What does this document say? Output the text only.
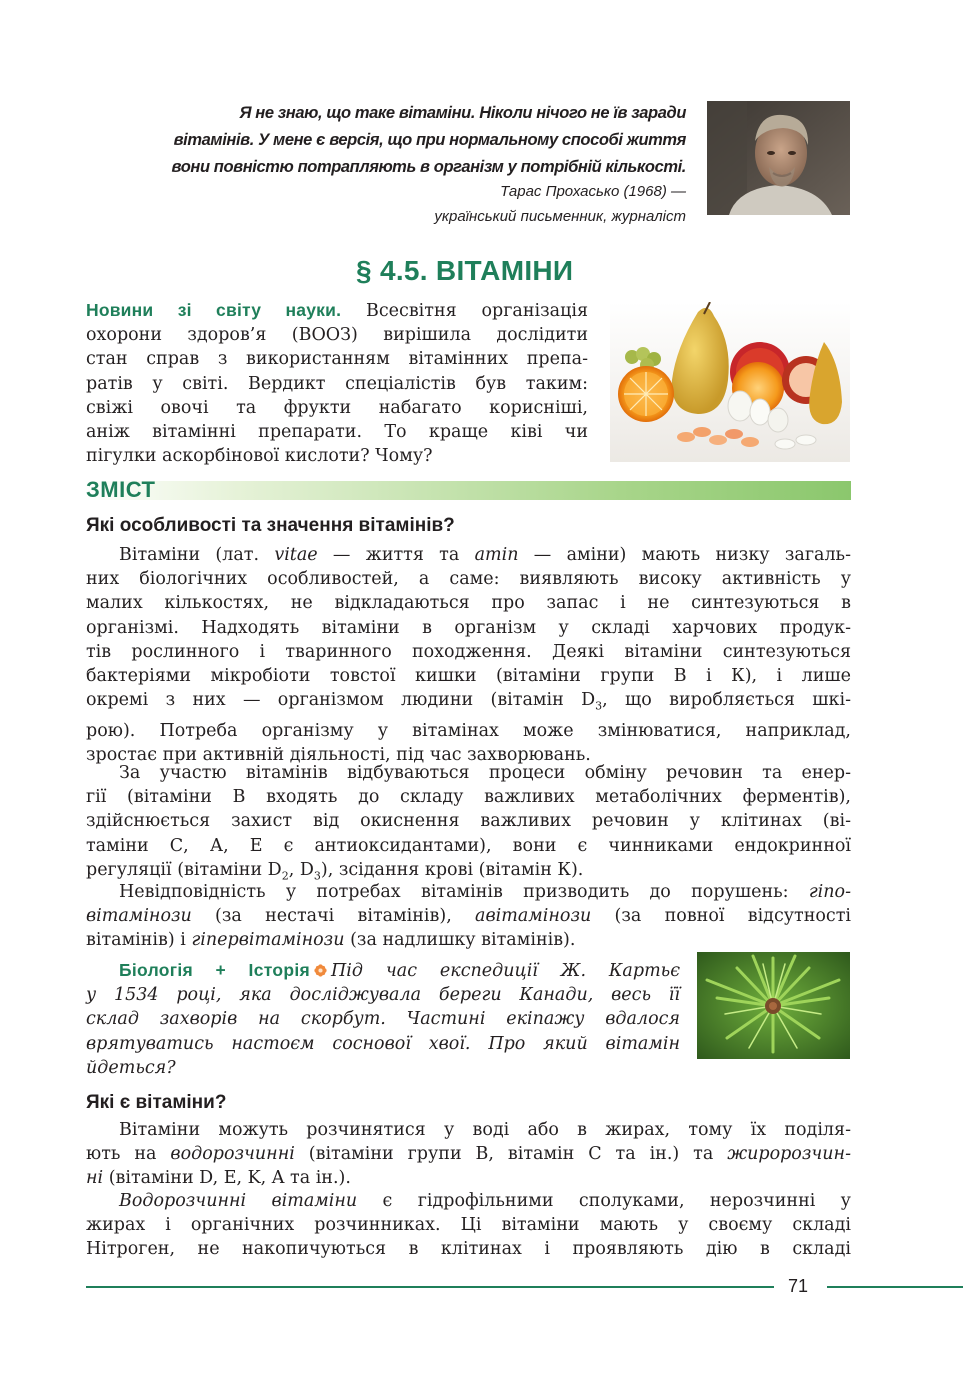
Я не знаю, що таке вітаміни. Ніколи нічого не їв заради
вітамінів. У мене є версія, що при нормальному способі життя
вони повністю потрапляють в організм у потрібній кількості.
Тарас Прохасько (1968) —
український письменник, журналіст
§ 4.5. ВІТАМІНИ
Новини зі світу науки. Всесвітня організація
охорони здоров’я (ВООЗ) вирішила дослідити
стан справ з використанням вітамінних препа-
ратів у світі. Вердикт спеціалістів був таким:
свіжі овочі та фрукти набагато корисніші,
аніж вітамінні препарати. То краще ківі чи
пігулки аскорбінової кислоти? Чому?
ЗМІСТ
Які особливості та значення вітамінів?
Вітаміни (лат. vitae — життя та amin — аміни) мають низку загаль-
них біологічних особливостей, а саме: виявляють високу активність у
малих кількостях, не відкладаються про запас і не синтезуються в
організмі. Надходять вітаміни в організм у складі харчових продук-
тів рослинного і тваринного походження. Деякі вітаміни синтезуються
бактеріями мікробіоти товстої кишки (вітаміни групи В і К), і лише
окремі з них — організмом людини (вітамін $D_3$, що виробляється шкі-
рою). Потреба організму у вітамінах може змінюватися, наприклад,
зростає при активній діяльності, під час захворювань.
За участю вітамінів відбуваються процеси обміну речовин та енер-
гії (вітаміни В входять до складу важливих метаболічних ферментів),
здійснюється захист від окиснення важливих речовин у клітинах (ві-
таміни С, А, Е є антиоксидантами), вони є чинниками ендокринної
регуляції (вітаміни $D_2$, $D_3$), зсідання крові (вітамін К).
Невідповідність у потребах вітамінів призводить до порушень: гіпо-
вітамінози (за нестачі вітамінів), авітамінози (за повної відсутності
вітамінів) і гіпервітамінози (за надлишку вітамінів).
Біологія + Історія Під час експедиції Ж. Картьє
у 1534 році, яка досліджувала береги Канади, весь її
склад захворів на скорбут. Частині екіпажу вдалося
врятуватись настоєм соснової хвої. Про який вітамін
йдеться?
Які є вітаміни?
Вітаміни можуть розчинятися у воді або в жирах, тому їх поділя-
ють на водорозчинні (вітаміни групи В, вітамін С та ін.) та жиророзчин-
ні (вітаміни D, E, K, A та ін.).
Водорозчинні вітаміни є гідрофільними сполуками, нерозчинні у
жирах і органічних розчинниках. Ці вітаміни мають у своєму складі
Нітроген, не накопичуються в клітинах і проявляють дію в складі
71
